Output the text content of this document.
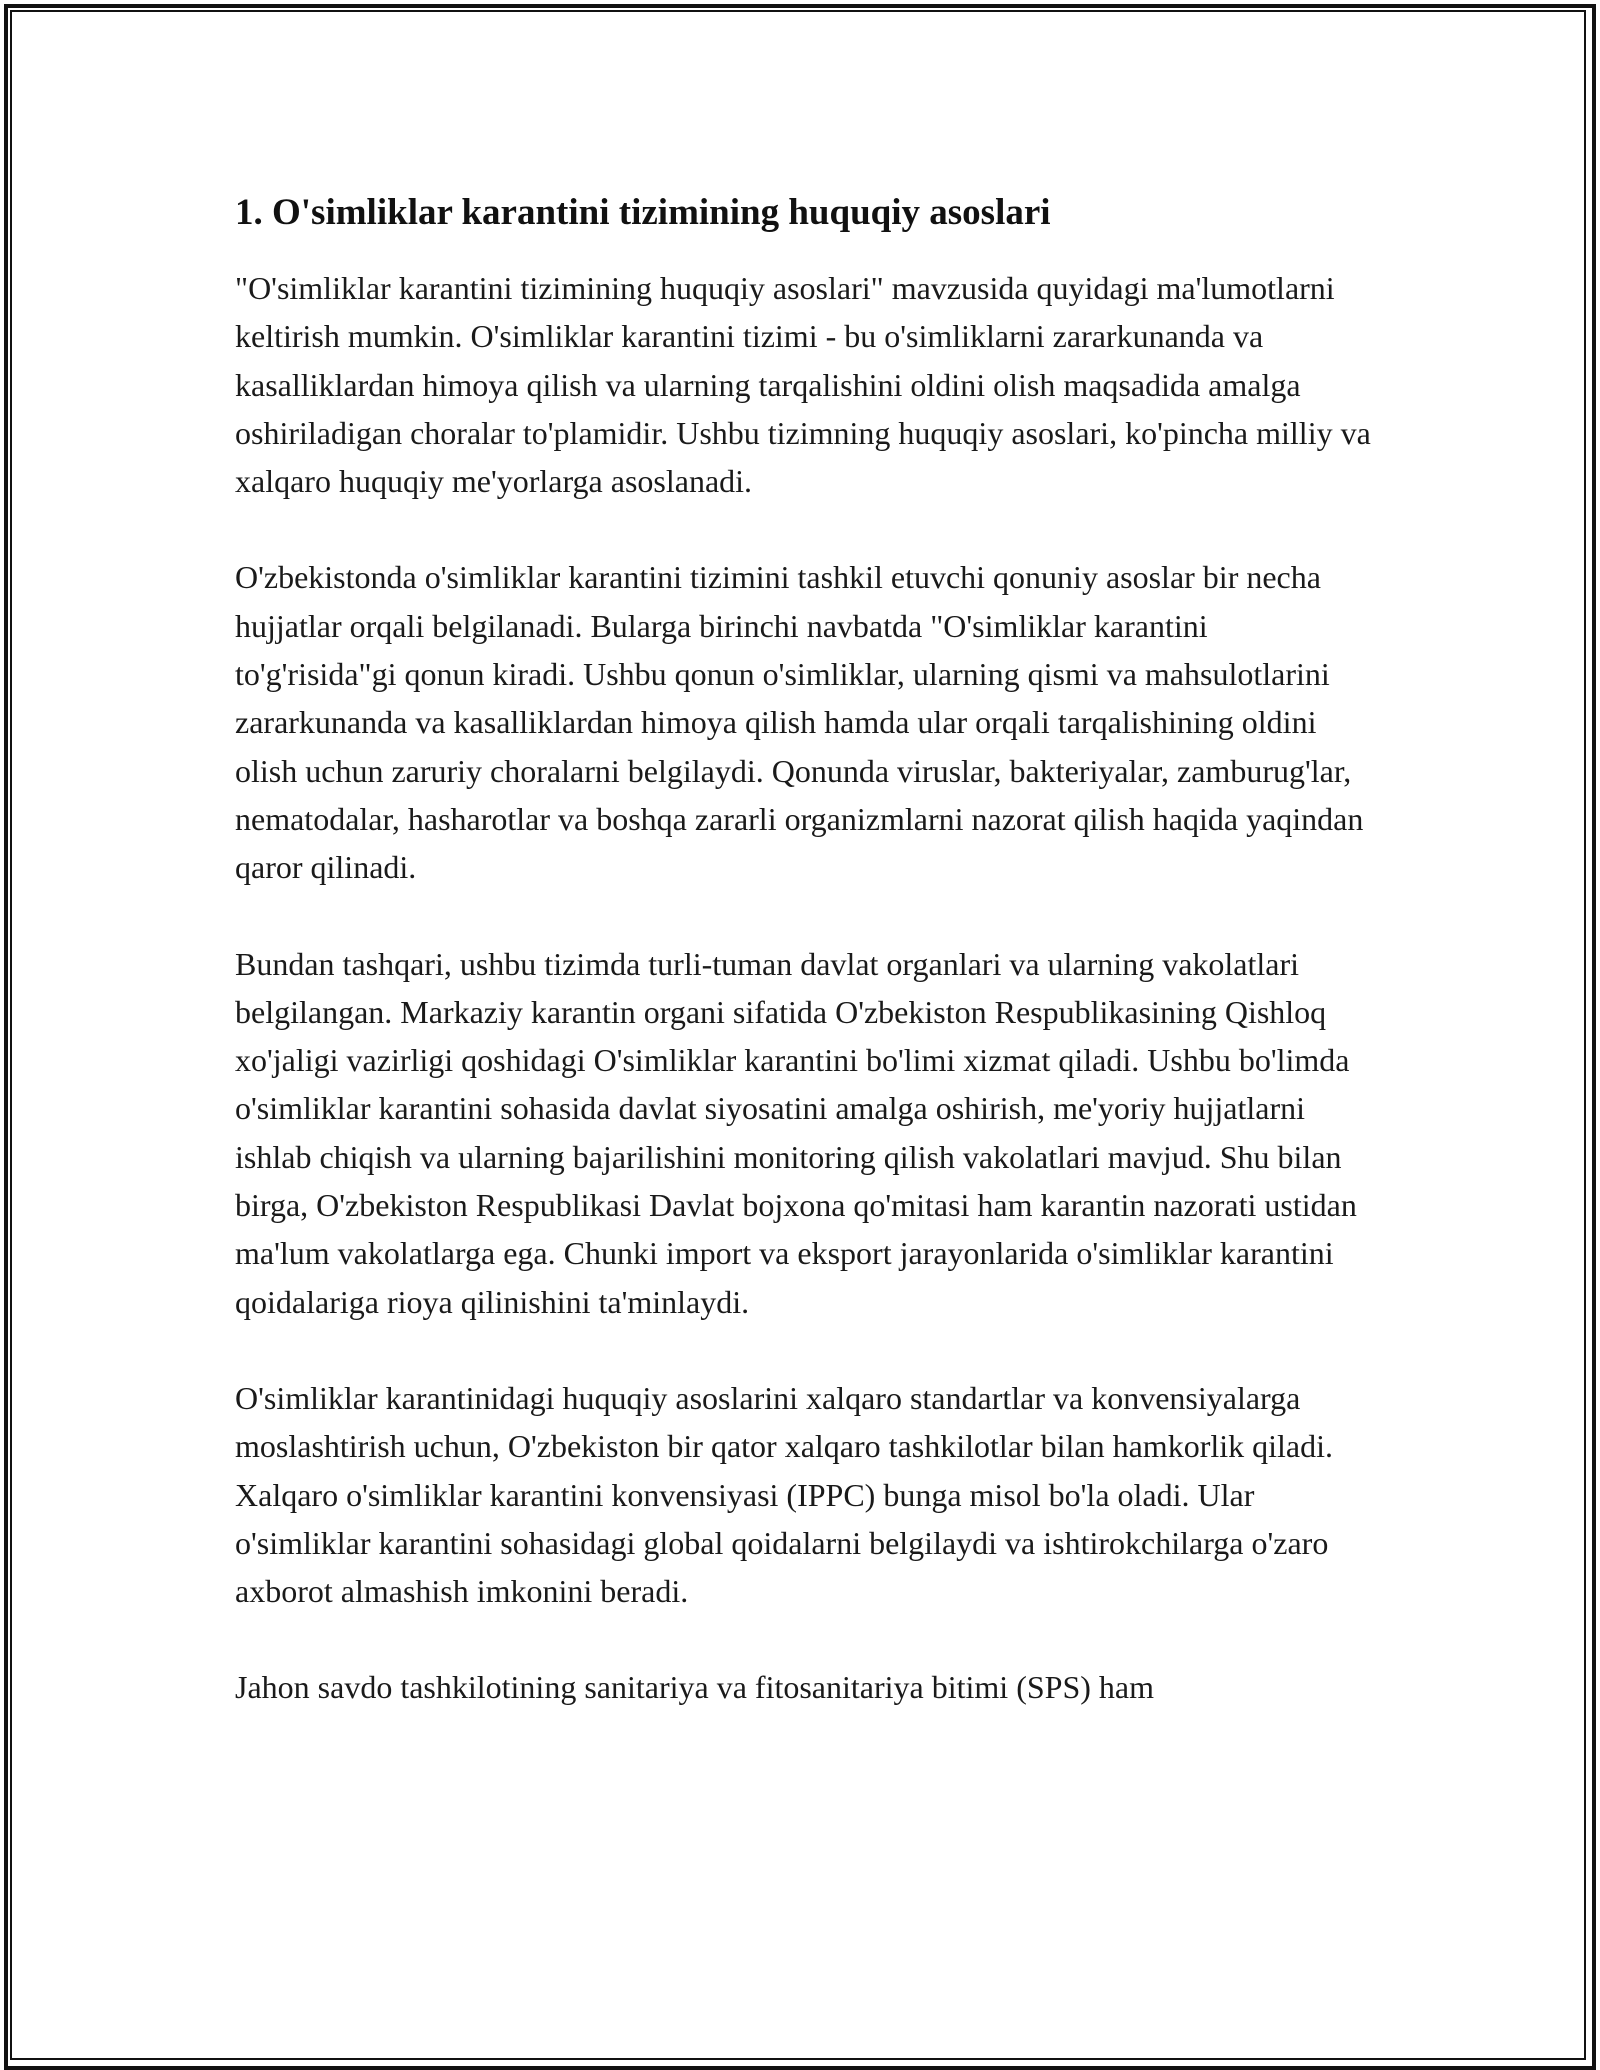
1. O'simliklar karantini tizimining huquqiy asoslari

"O'simliklar karantini tizimining huquqiy asoslari" mavzusida quyidagi ma'lumotlarni keltirish mumkin. O'simliklar karantini tizimi - bu o'simliklarni zararkunanda va kasalliklardan himoya qilish va ularning tarqalishini oldini olish maqsadida amalga oshiriladigan choralar to'plamidir. Ushbu tizimning huquqiy asoslari, ko'pincha milliy va xalqaro huquqiy me'yorlarga asoslanadi.

O'zbekistonda o'simliklar karantini tizimini tashkil etuvchi qonuniy asoslar bir necha hujjatlar orqali belgilanadi. Bularga birinchi navbatda "O'simliklar karantini to'g'risida"gi qonun kiradi. Ushbu qonun o'simliklar, ularning qismi va mahsulotlarini zararkunanda va kasalliklardan himoya qilish hamda ular orqali tarqalishining oldini olish uchun zaruriy choralarni belgilaydi. Qonunda viruslar, bakteriyalar, zamburug'lar, nematodalar, hasharotlar va boshqa zararli organizmlarni nazorat qilish haqida yaqindan qaror qilinadi.

Bundan tashqari, ushbu tizimda turli-tuman davlat organlari va ularning vakolatlari belgilangan. Markaziy karantin organi sifatida O'zbekiston Respublikasining Qishloq xo'jaligi vazirligi qoshidagi O'simliklar karantini bo'limi xizmat qiladi. Ushbu bo'limda o'simliklar karantini sohasida davlat siyosatini amalga oshirish, me'yoriy hujjatlarni ishlab chiqish va ularning bajarilishini monitoring qilish vakolatlari mavjud. Shu bilan birga, O'zbekiston Respublikasi Davlat bojxona qo'mitasi ham karantin nazorati ustidan ma'lum vakolatlarga ega. Chunki import va eksport jarayonlarida o'simliklar karantini qoidalariga rioya qilinishini ta'minlaydi.

O'simliklar karantinidagi huquqiy asoslarini xalqaro standartlar va konvensiyalarga moslashtirish uchun, O'zbekiston bir qator xalqaro tashkilotlar bilan hamkorlik qiladi. Xalqaro o'simliklar karantini konvensiyasi (IPPC) bunga misol bo'la oladi. Ular o'simliklar karantini sohasidagi global qoidalarni belgilaydi va ishtirokchilarga o'zaro axborot almashish imkonini beradi.

Jahon savdo tashkilotining sanitariya va fitosanitariya bitimi (SPS) ham
